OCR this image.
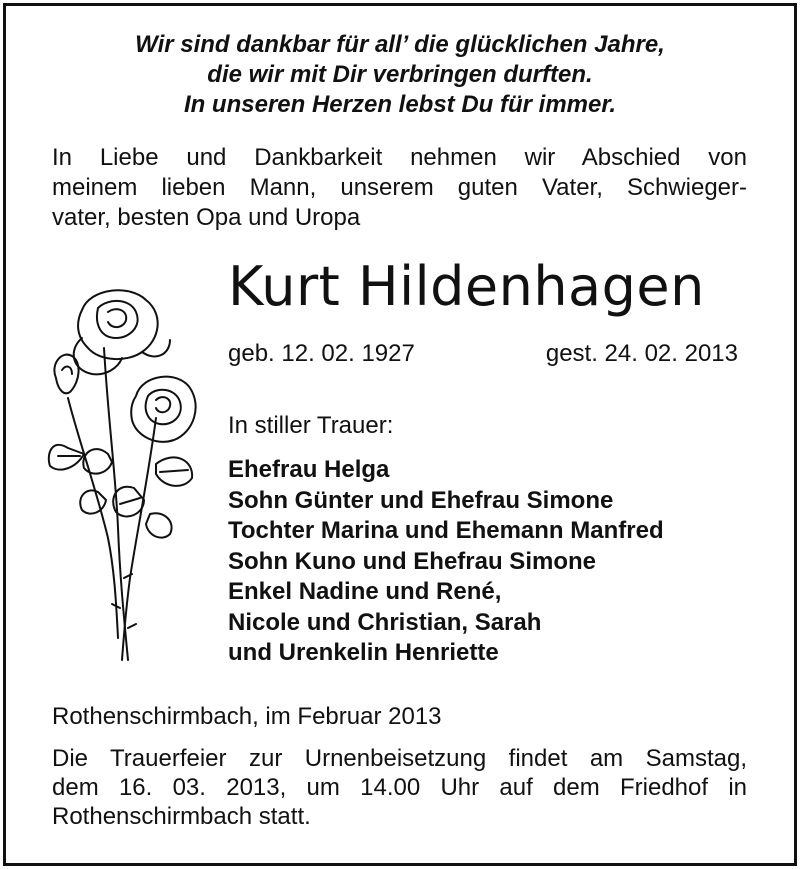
Wir sind dankbar für all’ die glücklichen Jahre,
die wir mit Dir verbringen durften.
In unseren Herzen lebst Du für immer.
In Liebe und Dankbarkeit nehmen wir Abschied von
meinem lieben Mann, unserem guten Vater, Schwieger-
vater, besten Opa und Uropa
Kurt Hildenhagen
geb. 12. 02. 1927	gest. 24. 02. 2013
In stiller Trauer:
Ehefrau Helga
Sohn Günter und Ehefrau Simone
Tochter Marina und Ehemann Manfred
Sohn Kuno und Ehefrau Simone
Enkel Nadine und René,
Nicole und Christian, Sarah
und Urenkelin Henriette
Rothenschirmbach, im Februar 2013
Die Trauerfeier zur Urnenbeisetzung findet am Samstag,
dem 16. 03. 2013, um 14.00 Uhr auf dem Friedhof in
Rothenschirmbach statt.
